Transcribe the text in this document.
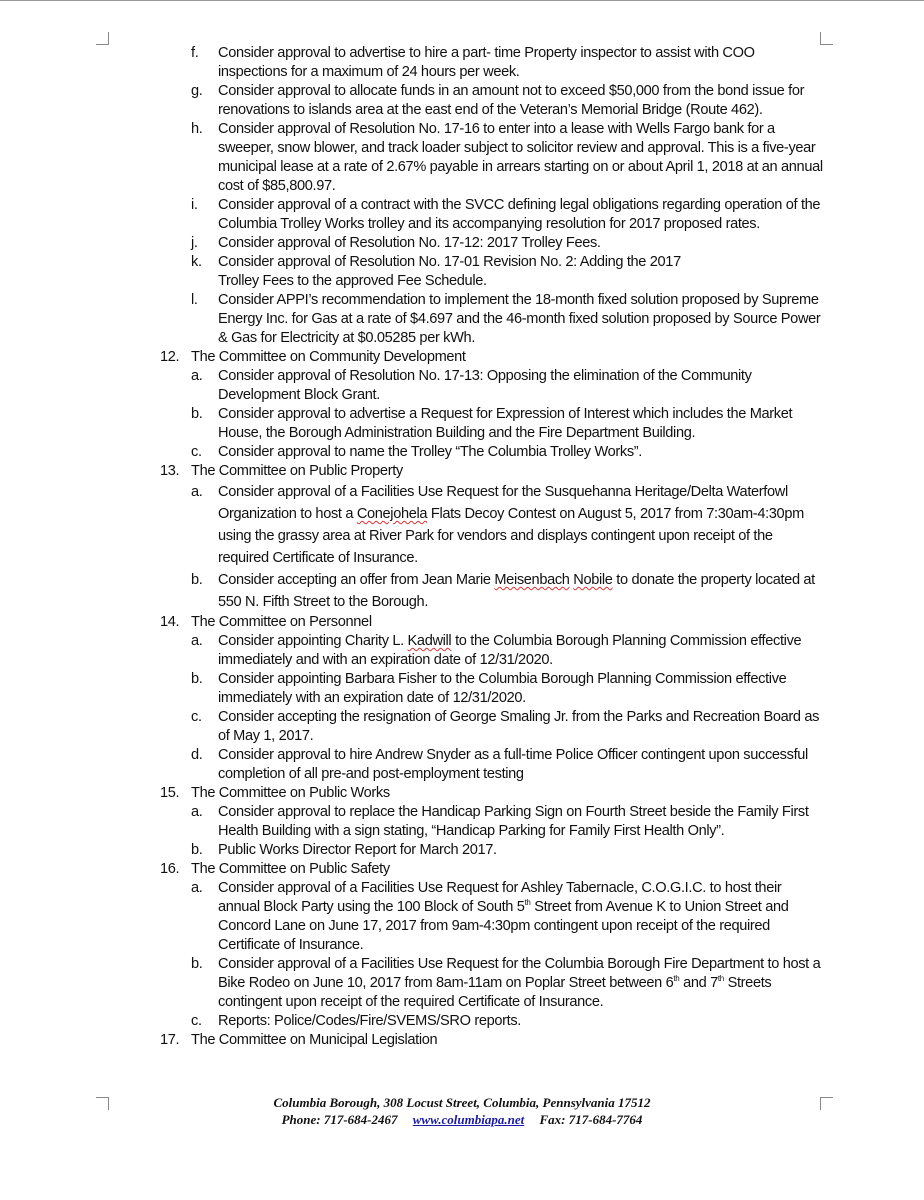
f.	Consider approval to advertise to hire a part- time Property inspector to assist with COO inspections for a maximum of 24 hours per week.
g.	Consider approval to allocate funds in an amount not to exceed $50,000 from the bond issue for renovations to islands area at the east end of the Veteran’s Memorial Bridge (Route 462).
h.	Consider approval of Resolution No. 17-16 to enter into a lease with Wells Fargo bank for a sweeper, snow blower, and track loader subject to solicitor review and approval. This is a five-year municipal lease at a rate of 2.67% payable in arrears starting on or about April 1, 2018 at an annual cost of $85,800.97.
i.	Consider approval of a contract with the SVCC defining legal obligations regarding operation of the Columbia Trolley Works trolley and its accompanying resolution for 2017 proposed rates.
j.	Consider approval of Resolution No. 17-12: 2017 Trolley Fees.
k.	Consider approval of Resolution No. 17-01 Revision No. 2: Adding the 2017
Trolley Fees to the approved Fee Schedule.
l.	Consider APPI’s recommendation to implement the 18-month fixed solution proposed by Supreme Energy Inc. for Gas at a rate of $4.697 and the 46-month fixed solution proposed by Source Power & Gas for Electricity at $0.05285 per kWh.
12. The Committee on Community Development
a.	Consider approval of Resolution No. 17-13: Opposing the elimination of the Community Development Block Grant.
b.	Consider approval to advertise a Request for Expression of Interest which includes the Market House, the Borough Administration Building and the Fire Department Building.
c.	Consider approval to name the Trolley “The Columbia Trolley Works”.
13. The Committee on Public Property
a.	Consider approval of a Facilities Use Request for the Susquehanna Heritage/Delta Waterfowl Organization to host a Conejohela Flats Decoy Contest on August 5, 2017 from 7:30am-4:30pm using the grassy area at River Park for vendors and displays contingent upon receipt of the required Certificate of Insurance.
b.	Consider accepting an offer from Jean Marie Meisenbach Nobile to donate the property located at 550 N. Fifth Street to the Borough.
14. The Committee on Personnel
a.	Consider appointing Charity L. Kadwill to the Columbia Borough Planning Commission effective immediately and with an expiration date of 12/31/2020.
b.	Consider appointing Barbara Fisher to the Columbia Borough Planning Commission effective immediately with an expiration date of 12/31/2020.
c.	Consider accepting the resignation of George Smaling Jr. from the Parks and Recreation Board as of May 1, 2017.
d.	Consider approval to hire Andrew Snyder as a full-time Police Officer contingent upon successful completion of all pre-and post-employment testing
15. The Committee on Public Works
a.	Consider approval to replace the Handicap Parking Sign on Fourth Street beside the Family First Health Building with a sign stating, “Handicap Parking for Family First Health Only”.
b.	Public Works Director Report for March 2017.
16. The Committee on Public Safety
a.	Consider approval of a Facilities Use Request for Ashley Tabernacle, C.O.G.I.C. to host their annual Block Party using the 100 Block of South 5th Street from Avenue K to Union Street and Concord Lane on June 17, 2017 from 9am-4:30pm contingent upon receipt of the required Certificate of Insurance.
b.	Consider approval of a Facilities Use Request for the Columbia Borough Fire Department to host a Bike Rodeo on June 10, 2017 from 8am-11am on Poplar Street between 6th and 7th Streets contingent upon receipt of the required Certificate of Insurance.
c.	Reports: Police/Codes/Fire/SVEMS/SRO reports.
17. The Committee on Municipal Legislation
Columbia Borough, 308 Locust Street, Columbia, Pennsylvania 17512
Phone: 717-684-2467 www.columbiapa.net Fax: 717-684-7764
